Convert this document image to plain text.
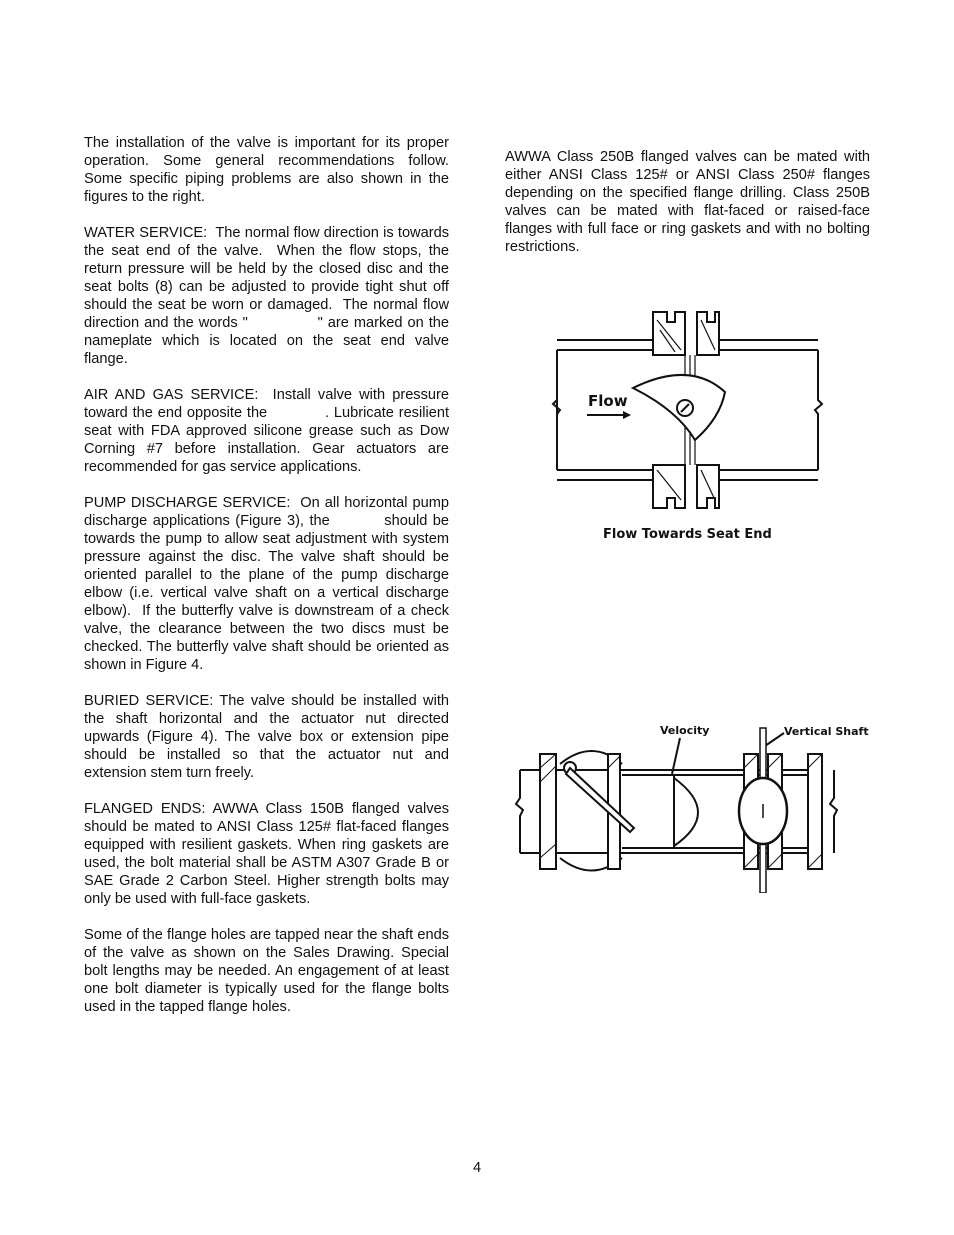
The installation of the valve is important for its proper operation. Some general recommendations follow. Some specific piping problems are also shown in the figures to the right.

WATER SERVICE:  The normal flow direction is towards the seat end of the valve.  When the flow stops, the return pressure will be held by the closed disc and the seat bolts (8) can be adjusted to provide tight shut off should the seat be worn or damaged.  The normal flow direction and the words "              " are marked on the nameplate which is located on the seat end valve flange.

AIR AND GAS SERVICE:  Install valve with pressure toward the end opposite the            . Lubricate resilient seat with FDA approved silicone grease such as Dow Corning #7 before installation. Gear actuators are recommended for gas service applications.

PUMP DISCHARGE SERVICE:  On all horizontal pump discharge applications (Figure 3), the          should be towards the pump to allow seat adjustment with system pressure against the disc. The valve shaft should be oriented parallel to the plane of the pump discharge elbow (i.e. vertical valve shaft on a vertical discharge elbow).  If the butterfly valve is downstream of a check valve, the clearance between the two discs must be checked. The butterfly valve shaft should be oriented as shown in Figure 4.

BURIED SERVICE: The valve should be installed with the shaft horizontal and the actuator nut directed upwards (Figure 4). The valve box or extension pipe should be installed so that the actuator nut and extension stem turn freely.

FLANGED ENDS: AWWA Class 150B flanged valves should be mated to ANSI Class 125# flat-faced flanges equipped with resilient gaskets. When ring gaskets are used, the bolt material shall be ASTM A307 Grade B or SAE Grade 2 Carbon Steel. Higher strength bolts may only be used with full-face gaskets.

Some of the flange holes are tapped near the shaft ends of the valve as shown on the Sales Drawing. Special bolt lengths may be needed. An engagement of at least one bolt diameter is typically used for the flange bolts used in the tapped flange holes.

AWWA Class 250B flanged valves can be mated with either ANSI Class 125# or ANSI Class 250# flanges depending on the specified flange drilling. Class 250B valves can be mated with flat-faced or raised-face flanges with full face or ring gaskets and with no bolting restrictions.

Flow
Flow Towards Seat End
Velocity	Vertical Shaft
4
